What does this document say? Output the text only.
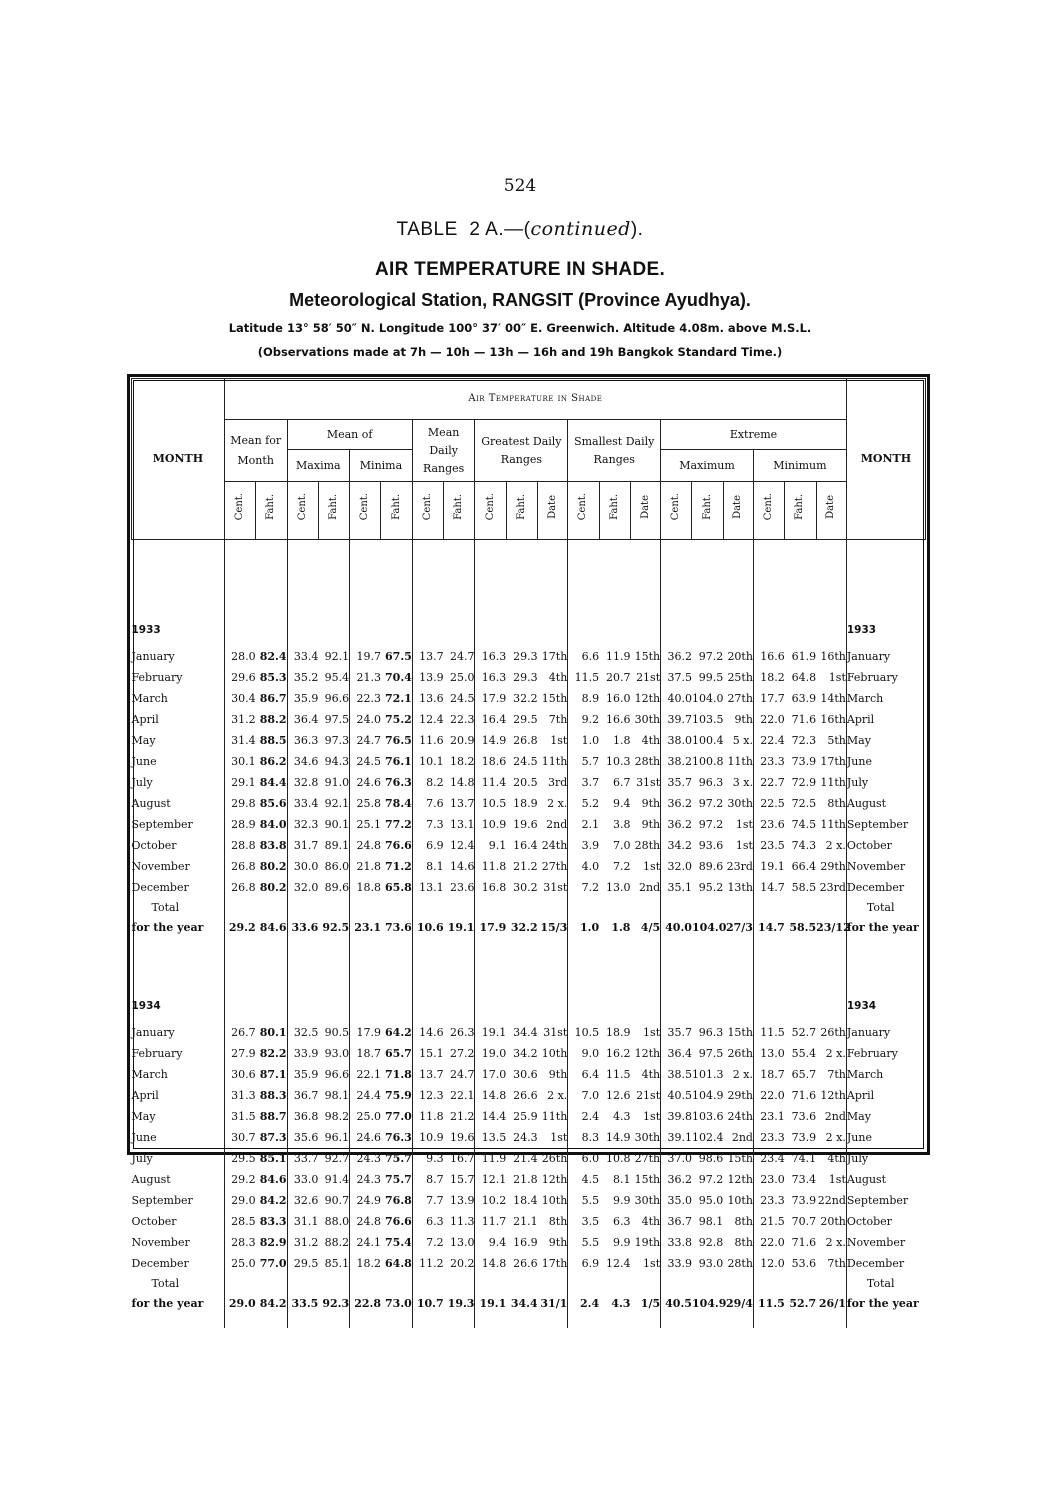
524
TABLE 2 A.—(continued).
AIR TEMPERATURE IN SHADE.
Meteorological Station, RANGSIT (Province Ayudhya).
Latitude 13° 58′ 50″ N. Longitude 100° 37′ 00″ E. Greenwich. Altitude 4.08m. above M.S.L.
(Observations made at 7h — 10h — 13h — 16h and 19h Bangkok Standard Time.)
MONTH	Air Temperature in Shade																				MONTH
	Mean for Month		Mean of				Mean Daily Ranges		Greatest Daily Ranges			Smallest Daily Ranges			Extreme						
			Maxima		Minima										Maximum			Minimum			
	Cent.	Faht.	Cent.	Faht.	Cent.	Faht.	Cent.	Faht.	Cent.	Faht.	Date	Cent.	Faht.	Date	Cent.	Faht.	Date	Cent.	Faht.	Date	

1933																					1933

January	28.0	82.4	33.4	92.1	19.7	67.5	13.7	24.7	16.3	29.3	17th	6.6	11.9	15th	36.2	97.2	20th	16.6	61.9	16th	January
February	29.6	85.3	35.2	95.4	21.3	70.4	13.9	25.0	16.3	29.3	4th	11.5	20.7	21st	37.5	99.5	25th	18.2	64.8	1st	February
March	30.4	86.7	35.9	96.6	22.3	72.1	13.6	24.5	17.9	32.2	15th	8.9	16.0	12th	40.0	104.0	27th	17.7	63.9	14th	March
April	31.2	88.2	36.4	97.5	24.0	75.2	12.4	22.3	16.4	29.5	7th	9.2	16.6	30th	39.7	103.5	9th	22.0	71.6	16th	April
May	31.4	88.5	36.3	97.3	24.7	76.5	11.6	20.9	14.9	26.8	1st	1.0	1.8	4th	38.0	100.4	5 x.	22.4	72.3	5th	May
June	30.1	86.2	34.6	94.3	24.5	76.1	10.1	18.2	18.6	24.5	11th	5.7	10.3	28th	38.2	100.8	11th	23.3	73.9	17th	June
July	29.1	84.4	32.8	91.0	24.6	76.3	8.2	14.8	11.4	20.5	3rd	3.7	6.7	31st	35.7	96.3	3 x.	22.7	72.9	11th	July
August	29.8	85.6	33.4	92.1	25.8	78.4	7.6	13.7	10.5	18.9	2 x.	5.2	9.4	9th	36.2	97.2	30th	22.5	72.5	8th	August
September	28.9	84.0	32.3	90.1	25.1	77.2	7.3	13.1	10.9	19.6	2nd	2.1	3.8	9th	36.2	97.2	1st	23.6	74.5	11th	September
October	28.8	83.8	31.7	89.1	24.8	76.6	6.9	12.4	9.1	16.4	24th	3.9	7.0	28th	34.2	93.6	1st	23.5	74.3	2 x.	October
November	26.8	80.2	30.0	86.0	21.8	71.2	8.1	14.6	11.8	21.2	27th	4.0	7.2	1st	32.0	89.6	23rd	19.1	66.4	29th	November
December	26.8	80.2	32.0	89.6	18.8	65.8	13.1	23.6	16.8	30.2	31st	7.2	13.0	2nd	35.1	95.2	13th	14.7	58.5	23rd	December
Total																					Total
for the year	29.2	84.6	33.6	92.5	23.1	73.6	10.6	19.1	17.9	32.2	15/3	1.0	1.8	4/5	40.0	104.0	27/3	14.7	58.5	23/12	for the year

1934																					1934

January	26.7	80.1	32.5	90.5	17.9	64.2	14.6	26.3	19.1	34.4	31st	10.5	18.9	1st	35.7	96.3	15th	11.5	52.7	26th	January
February	27.9	82.2	33.9	93.0	18.7	65.7	15.1	27.2	19.0	34.2	10th	9.0	16.2	12th	36.4	97.5	26th	13.0	55.4	2 x.	February
March	30.6	87.1	35.9	96.6	22.1	71.8	13.7	24.7	17.0	30.6	9th	6.4	11.5	4th	38.5	101.3	2 x.	18.7	65.7	7th	March
April	31.3	88.3	36.7	98.1	24.4	75.9	12.3	22.1	14.8	26.6	2 x.	7.0	12.6	21st	40.5	104.9	29th	22.0	71.6	12th	April
May	31.5	88.7	36.8	98.2	25.0	77.0	11.8	21.2	14.4	25.9	11th	2.4	4.3	1st	39.8	103.6	24th	23.1	73.6	2nd	May
June	30.7	87.3	35.6	96.1	24.6	76.3	10.9	19.6	13.5	24.3	1st	8.3	14.9	30th	39.1	102.4	2nd	23.3	73.9	2 x.	June
July	29.5	85.1	33.7	92.7	24.3	75.7	9.3	16.7	11.9	21.4	26th	6.0	10.8	27th	37.0	98.6	15th	23.4	74.1	4th	July
August	29.2	84.6	33.0	91.4	24.3	75.7	8.7	15.7	12.1	21.8	12th	4.5	8.1	15th	36.2	97.2	12th	23.0	73.4	1st	August
September	29.0	84.2	32.6	90.7	24.9	76.8	7.7	13.9	10.2	18.4	10th	5.5	9.9	30th	35.0	95.0	10th	23.3	73.9	22nd	September
October	28.5	83.3	31.1	88.0	24.8	76.6	6.3	11.3	11.7	21.1	8th	3.5	6.3	4th	36.7	98.1	8th	21.5	70.7	20th	October
November	28.3	82.9	31.2	88.2	24.1	75.4	7.2	13.0	9.4	16.9	9th	5.5	9.9	19th	33.8	92.8	8th	22.0	71.6	2 x.	November
December	25.0	77.0	29.5	85.1	18.2	64.8	11.2	20.2	14.8	26.6	17th	6.9	12.4	1st	33.9	93.0	28th	12.0	53.6	7th	December
Total																					Total
for the year	29.0	84.2	33.5	92.3	22.8	73.0	10.7	19.3	19.1	34.4	31/1	2.4	4.3	1/5	40.5	104.9	29/4	11.5	52.7	26/1	for the year
